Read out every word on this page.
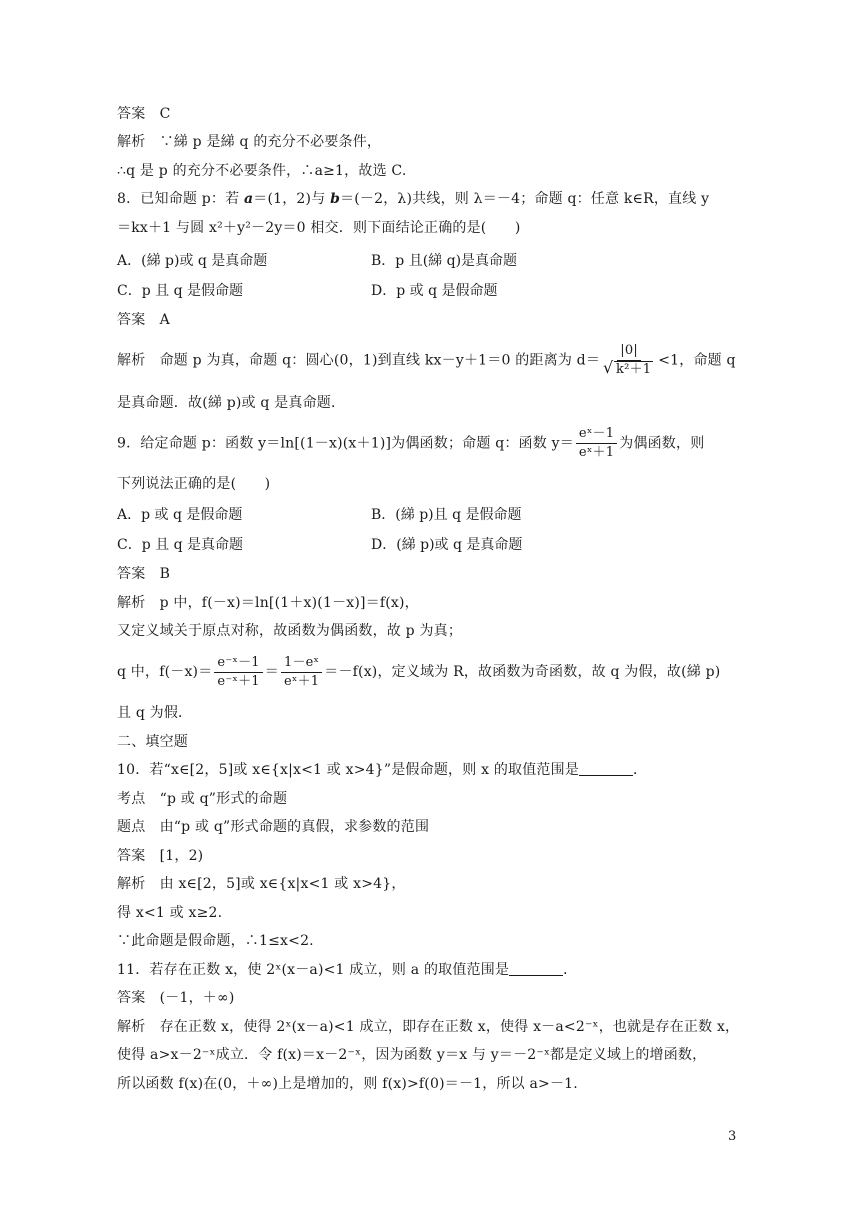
答案　C
解析　∵綈 p 是綈 q 的充分不必要条件，
∴q 是 p 的充分不必要条件，∴a≥1，故选 C.
8．已知命题 p：若 a＝(1，2)与 b＝(－2，λ)共线，则 λ＝－4；命题 q：任意 k∈R，直线 y
＝kx＋1 与圆 x²＋y²－2y＝0 相交．则下面结论正确的是(　　)
A．(綈 p)或 q 是真命题	B．p 且(綈 q)是真命题
C．p 且 q 是假命题	D．p 或 q 是假命题
答案　A
解析　命题 p 为真，命题 q：圆心(0，1)到直线 kx－y＋1＝0 的距离为 d＝ |0|
√ k²＋1 <1，命题 q
是真命题．故(綈 p)或 q 是真命题．
9．给定命题 p：函数 y＝ln[(1－x)(x＋1)]为偶函数；命题 q：函数 $y= \frac{\text{eˣ－1}}{\text{eˣ＋1}}$ 为偶函数，则
下列说法正确的是(　　)
A．p 或 q 是假命题	B．(綈 p)且 q 是假命题
C．p 且 q 是真命题	D．(綈 p)或 q 是真命题
答案　B
解析　p 中，f(－x)＝ln[(1＋x)(1－x)]＝f(x)，
又定义域关于原点对称，故函数为偶函数，故 p 为真；
q 中，$f(-x)= \frac{\text{e⁻ˣ－1}}{\text{e⁻ˣ＋1}} = \frac{\text{1－eˣ}}{\text{eˣ＋1}} =-f(x)$，定义域为 R，故函数为奇函数，故 q 为假，故(綈 p)
且 q 为假．
二、填空题
10．若“x∈[2，5]或 x∈{x|x<1 或 x>4}”是假命题，则 x 的取值范围是	．
考点　“p 或 q”形式的命题
题点　由“p 或 q”形式命题的真假，求参数的范围
答案　[1，2)
解析　由 x∈[2，5]或 x∈{x|x<1 或 x>4}，
得 x<1 或 x≥2.
∵此命题是假命题，∴1≤x<2.
11．若存在正数 x，使 2ˣ(x－a)<1 成立，则 a 的取值范围是	．
答案　(－1，＋∞)
解析　存在正数 x，使得 2ˣ(x－a)<1 成立，即存在正数 x，使得 x－a<2⁻ˣ，也就是存在正数 x，
使得 a>x－2⁻ˣ成立．令 f(x)＝x－2⁻ˣ，因为函数 y＝x 与 y＝－2⁻ˣ都是定义域上的增函数，
所以函数 f(x)在(0，＋∞)上是增加的，则 f(x)>f(0)＝－1，所以 a>－1.
3
